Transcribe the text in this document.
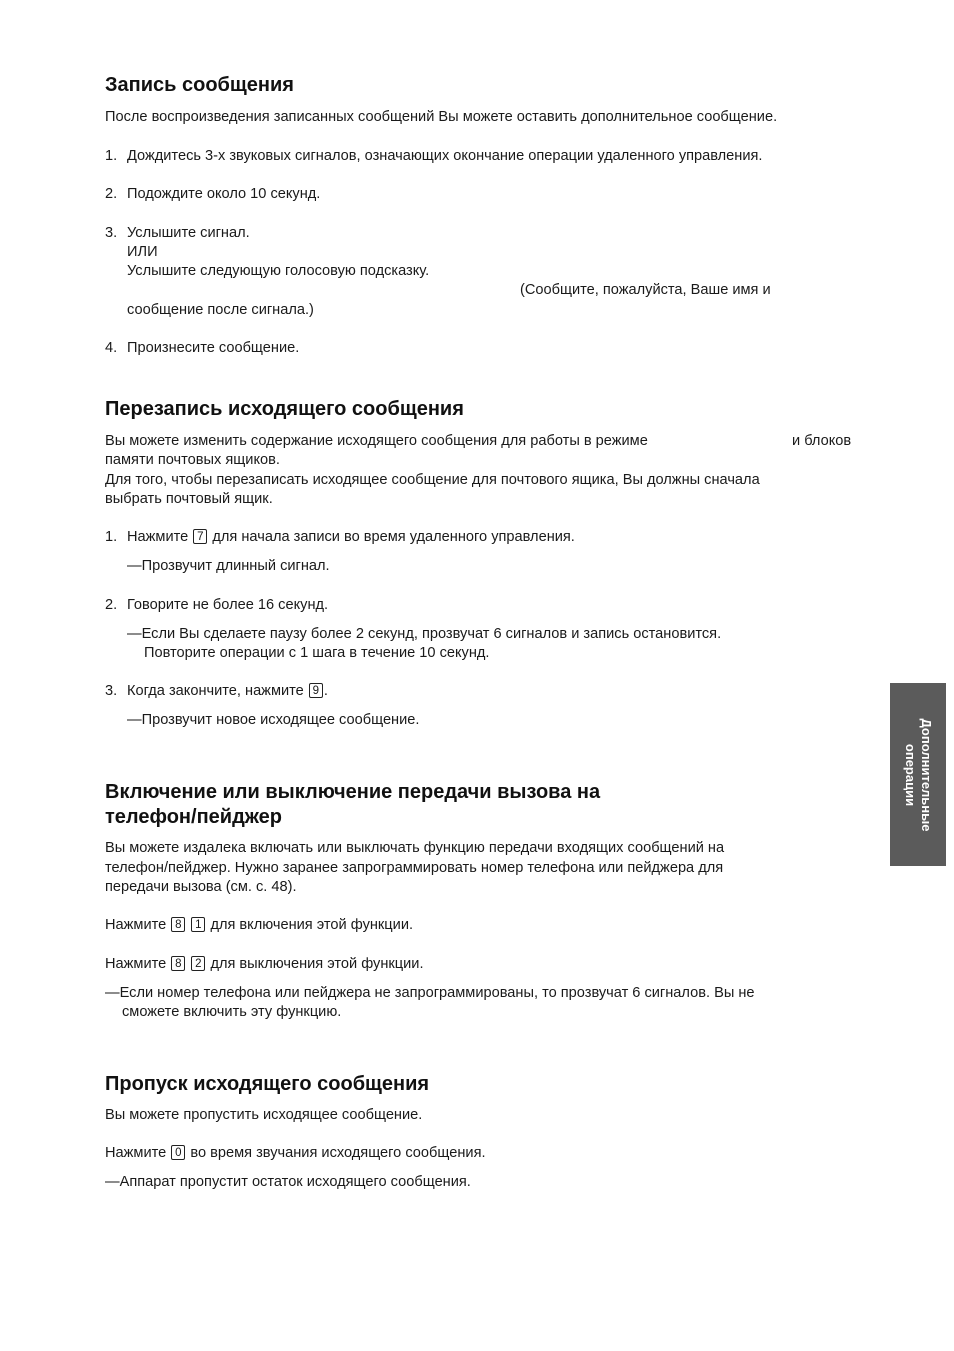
Запись сообщения
После воспроизведения записанных сообщений Вы можете оставить дополнительное сообщение.
1. Дождитесь 3-х звуковых сигналов, означающих окончание операции удаленного управления.
2. Подождите около 10 секунд.
3. Услышите сигнал.
ИЛИ
Услышите следующую голосовую подсказку.
(Сообщите, пожалуйста, Ваше имя и
сообщение после сигнала.)
4. Произнесите сообщение.
Перезапись исходящего сообщения
Вы можете изменить содержание исходящего сообщения для работы в режиме	и блоков
памяти почтовых ящиков.
Для того, чтобы перезаписать исходящее сообщение для почтового ящика, Вы должны сначала
выбрать почтовый ящик.
1. Нажмите 7 для начала записи во время удаленного управления.
—Прозвучит длинный сигнал.
2. Говорите не более 16 секунд.
—Если Вы сделаете паузу более 2 секунд, прозвучат 6 сигналов и запись остановится.
Повторите операции с 1 шага в течение 10 секунд.
3. Когда закончите, нажмите 9 .
—Прозвучит новое исходящее сообщение.
Включение или выключение передачи вызова на
телефон/пейджер
Вы можете издалека включать или выключать функцию передачи входящих сообщений на
телефон/пейджер. Нужно заранее запрограммировать номер телефона или пейджера для
передачи вызова (см. с. 48).
Нажмите 8 1 для включения этой функции.
Нажмите 8 2 для выключения этой функции.
—Если номер телефона или пейджера не запрограммированы, то прозвучат 6 сигналов. Вы не
сможете включить эту функцию.
Пропуск исходящего сообщения
Вы можете пропустить исходящее сообщение.
Нажмите 0 во время звучания исходящего сообщения.
—Аппарат пропустит остаток исходящего сообщения.
Дополнительные
операции
